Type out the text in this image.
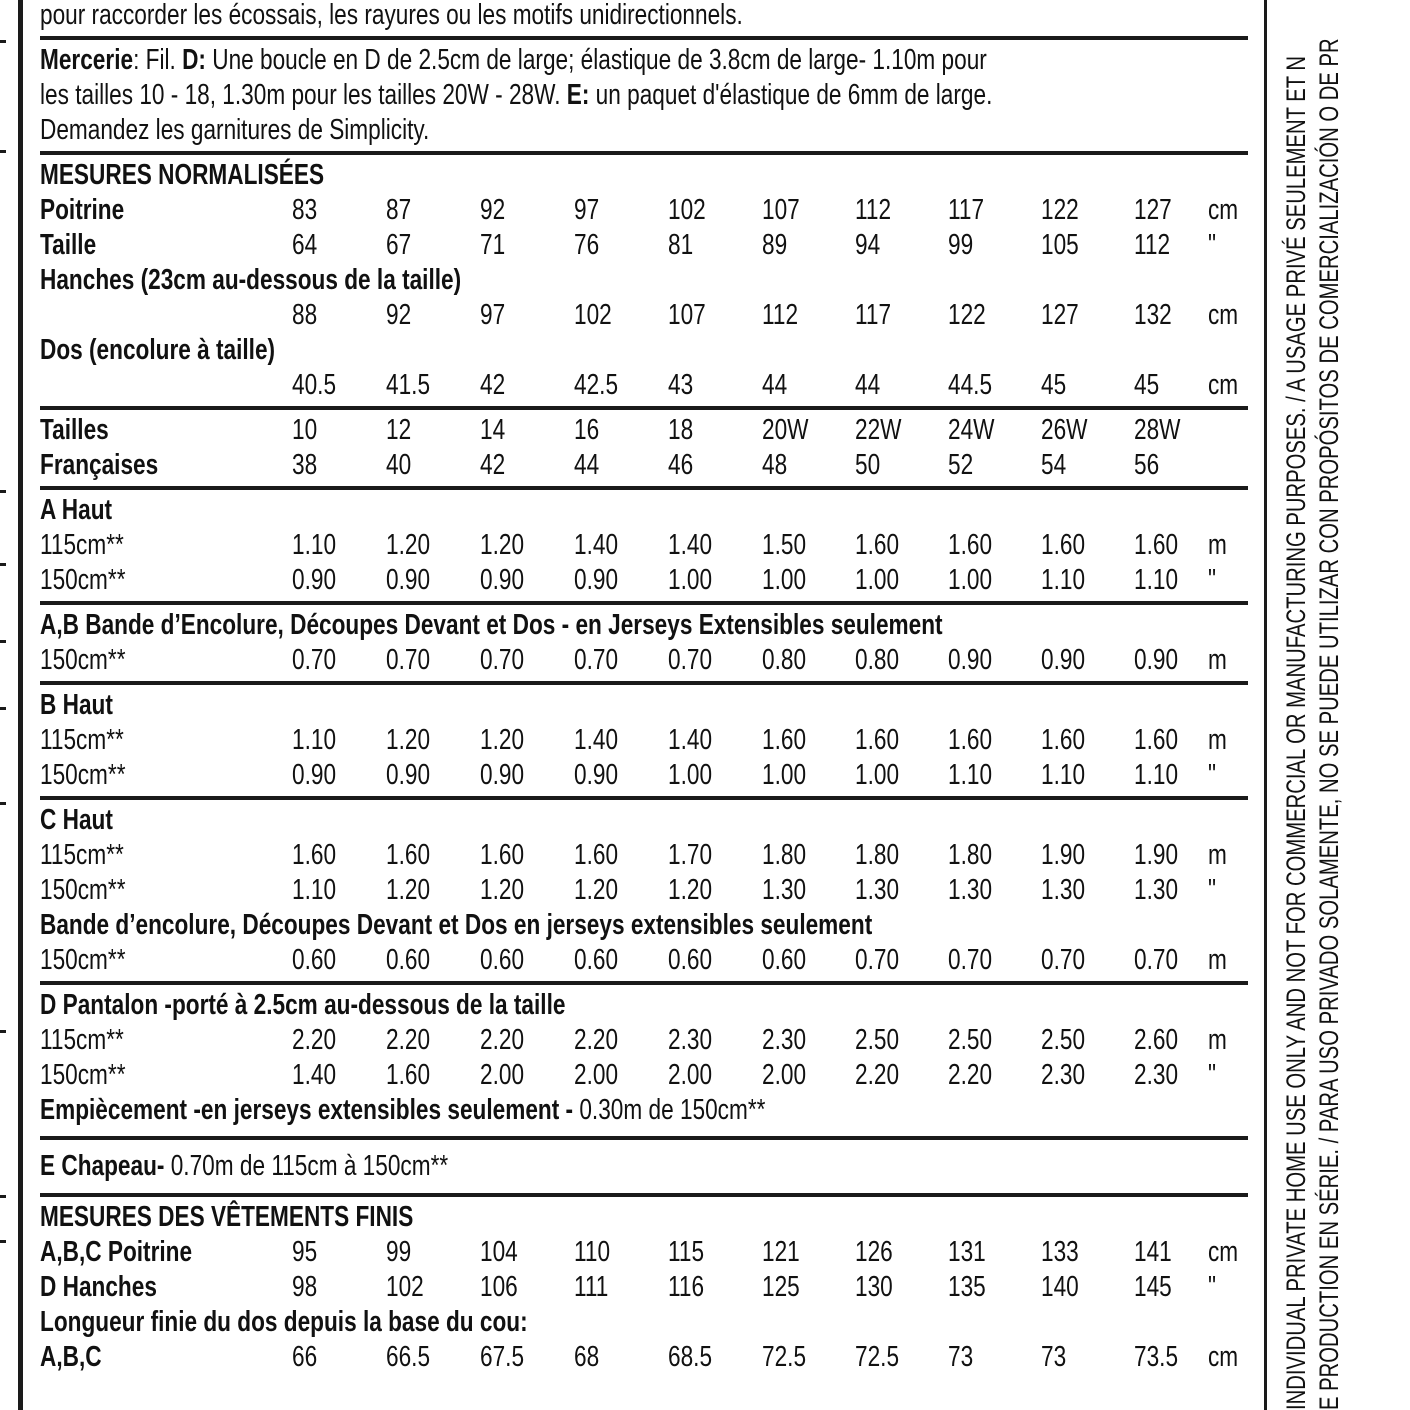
pour raccorder les écossais, les rayures ou les motifs unidirectionnels.
Mercerie: Fil. D: Une boucle en D de 2.5cm de large; élastique de 3.8cm de large- 1.10m pour
les tailles 10 - 18, 1.30m pour les tailles 20W - 28W. E: un paquet d'élastique de 6mm de large.
Demandez les garnitures de Simplicity.
MESURES NORMALISÉES
Poitrine	83 87 92 97 102 107 112 117 122 127 cm
Taille	64 67 71 76 81 89 94 99 105 112 "
Hanches (23cm au-dessous de la taille)
88 92 97 102 107 112 117 122 127 132 cm
Dos (encolure à taille)
40.5 41.5 42 42.5 43 44 44 44.5 45 45 cm
Tailles	10 12 14 16 18 20W 22W 24W 26W 28W
Françaises	38 40 42 44 46 48 50 52 54 56
A Haut
115cm**	1.10 1.20 1.20 1.40 1.40 1.50 1.60 1.60 1.60 1.60 m
150cm**	0.90 0.90 0.90 0.90 1.00 1.00 1.00 1.00 1.10 1.10 "
A,B Bande d’Encolure, Découpes Devant et Dos - en Jerseys Extensibles seulement
150cm**	0.70 0.70 0.70 0.70 0.70 0.80 0.80 0.90 0.90 0.90 m
B Haut
115cm**	1.10 1.20 1.20 1.40 1.40 1.60 1.60 1.60 1.60 1.60 m
150cm**	0.90 0.90 0.90 0.90 1.00 1.00 1.00 1.10 1.10 1.10 "
C Haut
115cm**	1.60 1.60 1.60 1.60 1.70 1.80 1.80 1.80 1.90 1.90 m
150cm**	1.10 1.20 1.20 1.20 1.20 1.30 1.30 1.30 1.30 1.30 "
Bande d’encolure, Découpes Devant et Dos en jerseys extensibles seulement
150cm**	0.60 0.60 0.60 0.60 0.60 0.60 0.70 0.70 0.70 0.70 m
D Pantalon -porté à 2.5cm au-dessous de la taille
115cm**	2.20 2.20 2.20 2.20 2.30 2.30 2.50 2.50 2.50 2.60 m
150cm**	1.40 1.60 2.00 2.00 2.00 2.00 2.20 2.20 2.30 2.30 "
Empiècement -en jerseys extensibles seulement - 0.30m de 150cm**
E Chapeau- 0.70m de 115cm à 150cm**
MESURES DES VÊTEMENTS FINIS
A,B,C Poitrine	95 99 104 110 115 121 126 131 133 141 cm
D Hanches	98 102 106 111 116 125 130 135 140 145 "
Longueur finie du dos depuis la base du cou:
A,B,C	66 66.5 67.5 68 68.5 72.5 72.5 73 73 73.5 cm INDIVIDUAL PRIVATE HOME USE ONLY AND NOT FOR COMMERCIAL OR MANUFACTURING PURPOSES. / A USAGE PRIVÉ SEULEMENT ET N E PRODUCTION EN SÉRIE. / PARA USO PRIVADO SOLAMENTE, NO SE PUEDE UTILIZAR CON PROPÓSITOS DE COMERCIALIZACIÓN O DE PR
